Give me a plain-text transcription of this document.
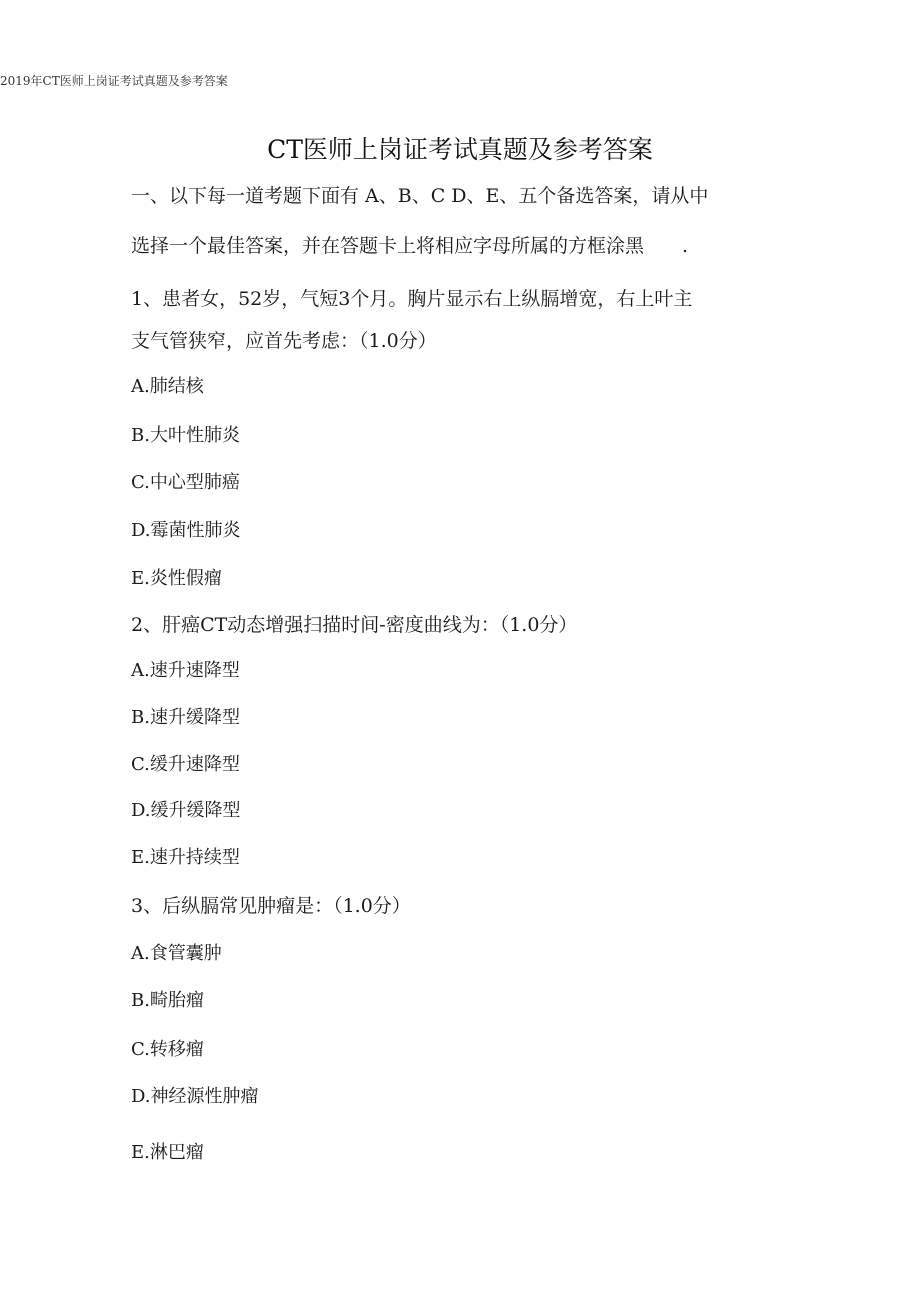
2019年CT医师上岗证考试真题及参考答案
CT医师上岗证考试真题及参考答案
一、以下每一道考题下面有 A、B、C D、E、五个备选答案，请从中
选择一个最佳答案，并在答题卡上将相应字母所属的方框涂黑　　.
1、患者女，52岁，气短3个月。胸片显示右上纵膈增宽，右上叶主
支气管狭窄，应首先考虑：（1.0分）
A.肺结核
B.大叶性肺炎
C.中心型肺癌
D.霉菌性肺炎
E.炎性假瘤
2、肝癌CT动态增强扫描时间-密度曲线为：（1.0分）
A.速升速降型
B.速升缓降型
C.缓升速降型
D.缓升缓降型
E.速升持续型
3、后纵膈常见肿瘤是：（1.0分）
A.食管囊肿
B.畸胎瘤
C.转移瘤
D.神经源性肿瘤
E.淋巴瘤
